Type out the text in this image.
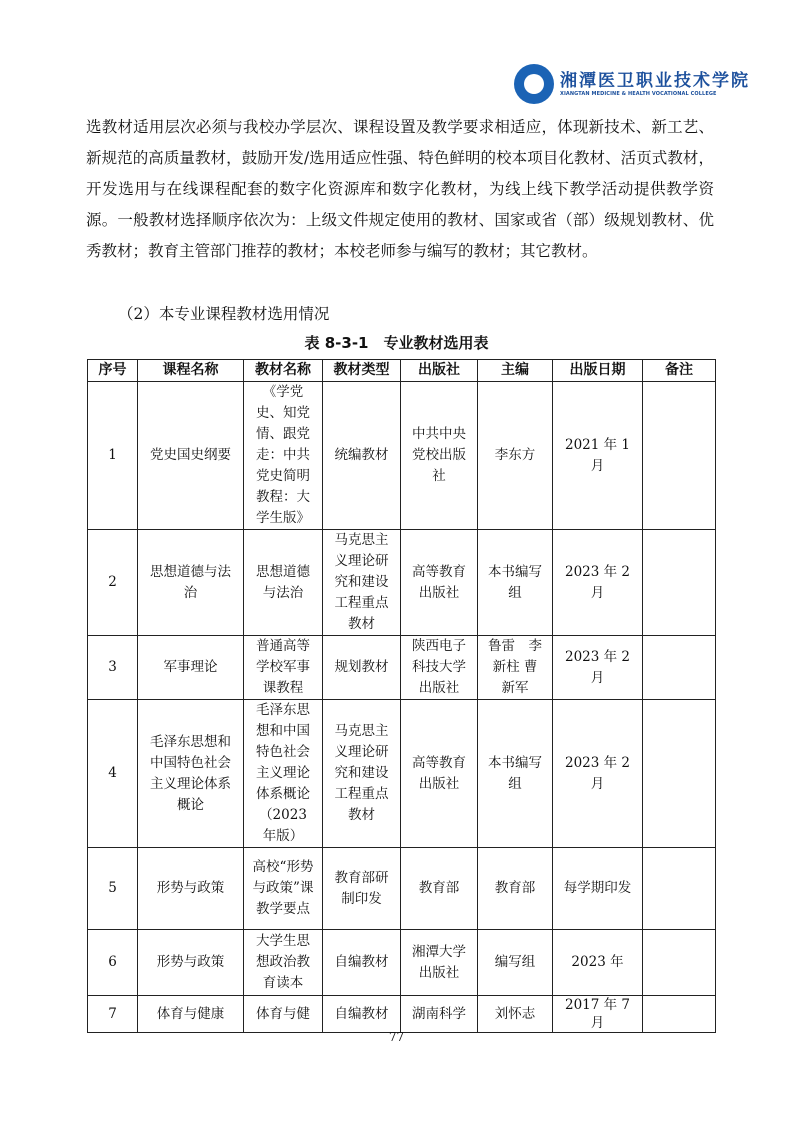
湘潭医卫职业技术学院
XIANGTAN MEDICINE & HEALTH VOCATIONAL COLLEGE

选教材适用层次必须与我校办学层次、课程设置及教学要求相适应，体现新技术、新工艺、新规范的高质量教材，鼓励开发/选用适应性强、特色鲜明的校本项目化教材、活页式教材，开发选用与在线课程配套的数字化资源库和数字化教材，为线上线下教学活动提供教学资源。一般教材选择顺序依次为：上级文件规定使用的教材、国家或省（部）级规划教材、优秀教材；教育主管部门推荐的教材；本校老师参与编写的教材；其它教材。

（2）本专业课程教材选用情况

表 8-3-1　专业教材选用表
序号	课程名称	教材名称	教材类型	出版社	主编	出版日期	备注
1	党史国史纲要	《学党史、知党情、跟党走：中共党史简明教程：大学生版》	统编教材	中共中央党校出版社	李东方	2021 年 1 月	
2	思想道德与法治	思想道德与法治	马克思主义理论研究和建设工程重点教材	高等教育出版社	本书编写组	2023 年 2 月	
3	军事理论	普通高等学校军事课教程	规划教材	陕西电子科技大学出版社	鲁雷　李新柱 曹新军	2023 年 2 月	
4	毛泽东思想和中国特色社会主义理论体系概论	毛泽东思想和中国特色社会主义理论体系概论（2023 年版）	马克思主义理论研究和建设工程重点教材	高等教育出版社	本书编写组	2023 年 2 月	
5	形势与政策	高校“形势与政策”课教学要点	教育部研制印发	教育部	教育部	每学期印发	
6	形势与政策	大学生思想政治教育读本	自编教材	湘潭大学出版社	编写组	2023 年	
7	体育与健康	体育与健	自编教材	湖南科学	刘怀志	2017 年 7 月	
77
